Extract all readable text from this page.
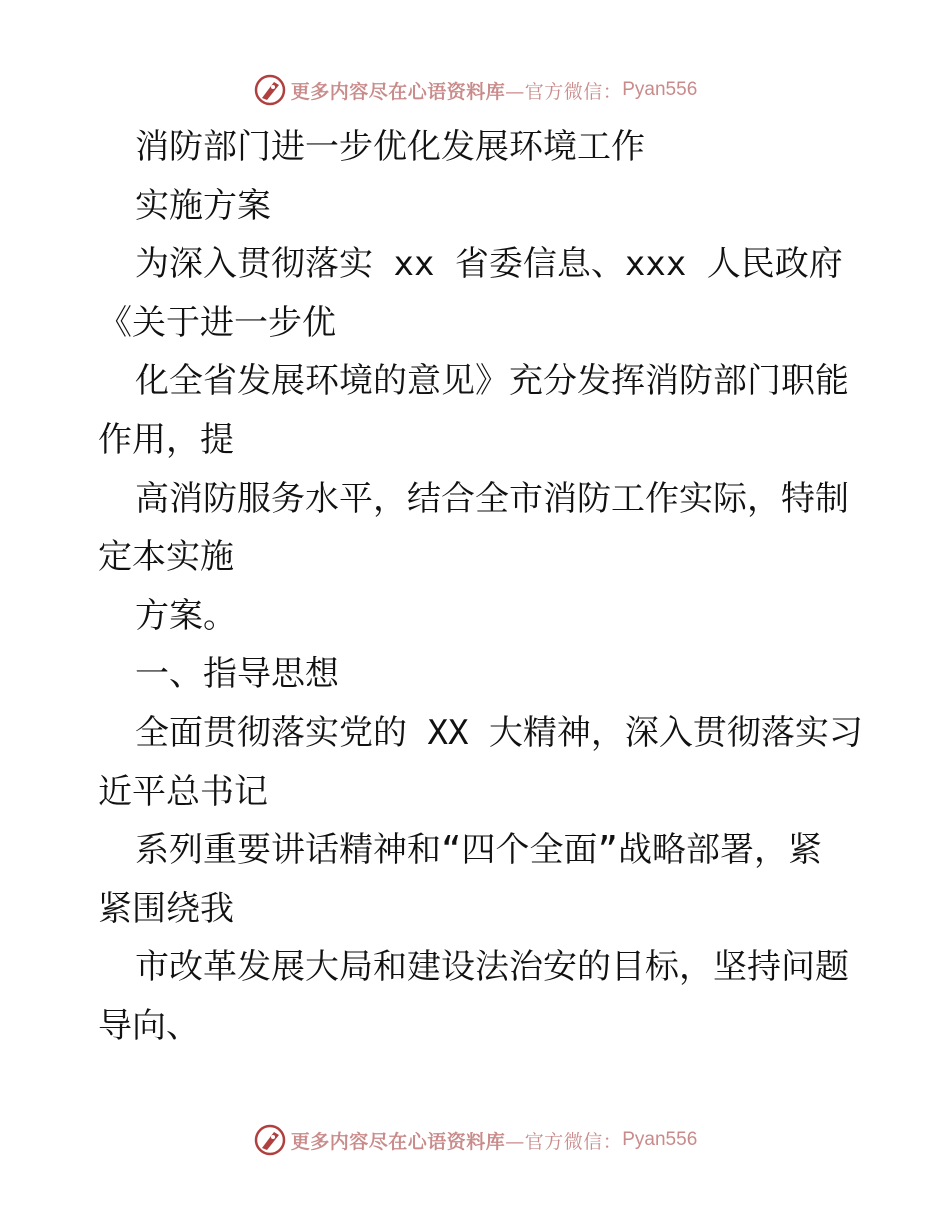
更多内容尽在心语资料库 —官方微信： Pyan556
消防部门进一步优化发展环境工作
实施方案
为深入贯彻落实 xx 省委信息、xxx 人民政府
《关于进一步优
化全省发展环境的意见》充分发挥消防部门职能
作用，提
高消防服务水平，结合全市消防工作实际，特制
定本实施
方案。
一、指导思想
全面贯彻落实党的 XX 大精神，深入贯彻落实习
近平总书记
系列重要讲话精神和“四个全面”战略部署，紧
紧围绕我
市改革发展大局和建设法治安的目标，坚持问题
导向、
更多内容尽在心语资料库 —官方微信： Pyan556
